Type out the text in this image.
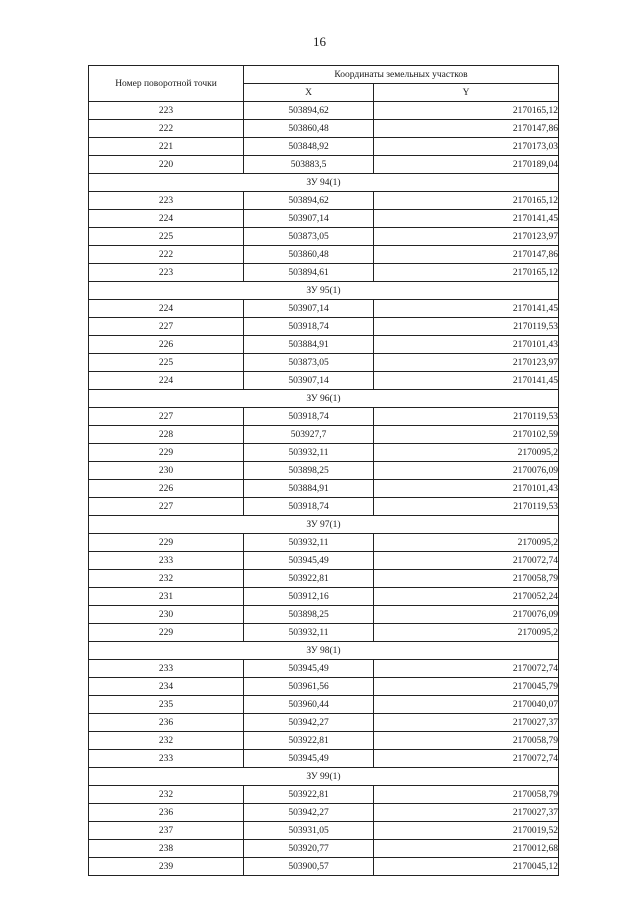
16
Номер поворотной точки	Координаты земельных участков	
	X	Y
223	503894,62	2170165,12
222	503860,48	2170147,86
221	503848,92	2170173,03
220	503883,5	2170189,04
ЗУ 94(1)		
223	503894,62	2170165,12
224	503907,14	2170141,45
225	503873,05	2170123,97
222	503860,48	2170147,86
223	503894,61	2170165,12
ЗУ 95(1)		
224	503907,14	2170141,45
227	503918,74	2170119,53
226	503884,91	2170101,43
225	503873,05	2170123,97
224	503907,14	2170141,45
ЗУ 96(1)		
227	503918,74	2170119,53
228	503927,7	2170102,59
229	503932,11	2170095,2
230	503898,25	2170076,09
226	503884,91	2170101,43
227	503918,74	2170119,53
ЗУ 97(1)		
229	503932,11	2170095,2
233	503945,49	2170072,74
232	503922,81	2170058,79
231	503912,16	2170052,24
230	503898,25	2170076,09
229	503932,11	2170095,2
ЗУ 98(1)		
233	503945,49	2170072,74
234	503961,56	2170045,79
235	503960,44	2170040,07
236	503942,27	2170027,37
232	503922,81	2170058,79
233	503945,49	2170072,74
ЗУ 99(1)		
232	503922,81	2170058,79
236	503942,27	2170027,37
237	503931,05	2170019,52
238	503920,77	2170012,68
239	503900,57	2170045,12
